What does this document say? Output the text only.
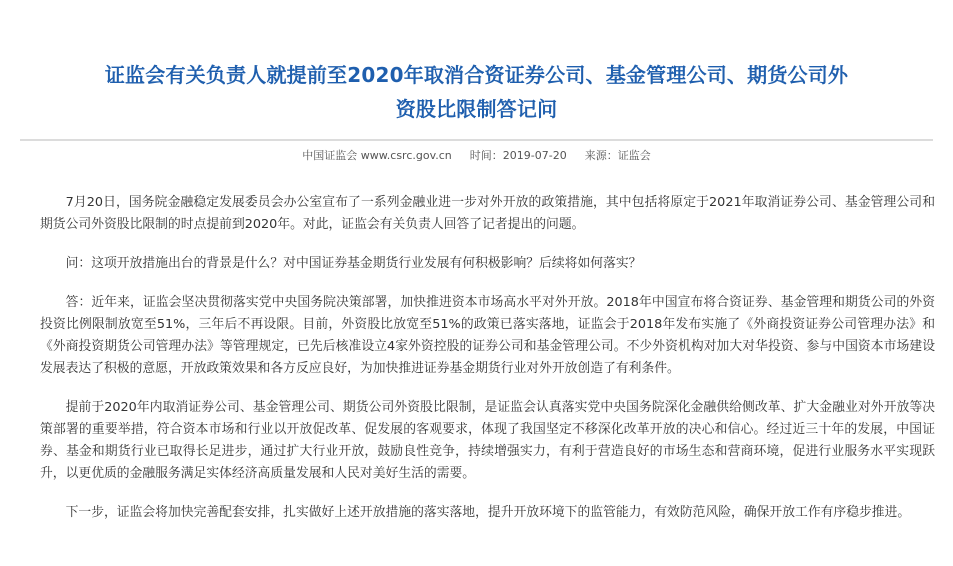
证监会有关负责人就提前至2020年取消合资证券公司、基金管理公司、期货公司外
资股比限制答记问
中国证监会 www.csrc.gov.cn 时间：2019-07-20 来源：证监会

7月20日，国务院金融稳定发展委员会办公室宣布了一系列金融业进一步对外开放的政策措施，其中包括将原定于2021年取消证券公司、基金管理公司和期货公司外资股比限制的时点提前到2020年。对此，证监会有关负责人回答了记者提出的问题。

问：这项开放措施出台的背景是什么？对中国证券基金期货行业发展有何积极影响？后续将如何落实？

答：近年来，证监会坚决贯彻落实党中央国务院决策部署，加快推进资本市场高水平对外开放。2018年中国宣布将合资证券、基金管理和期货公司的外资投资比例限制放宽至51%，三年后不再设限。目前，外资股比放宽至51%的政策已落实落地，证监会于2018年发布实施了《外商投资证券公司管理办法》和《外商投资期货公司管理办法》等管理规定，已先后核准设立4家外资控股的证券公司和基金管理公司。不少外资机构对加大对华投资、参与中国资本市场建设发展表达了积极的意愿，开放政策效果和各方反应良好，为加快推进证券基金期货行业对外开放创造了有利条件。

提前于2020年内取消证券公司、基金管理公司、期货公司外资股比限制，是证监会认真落实党中央国务院深化金融供给侧改革、扩大金融业对外开放等决策部署的重要举措，符合资本市场和行业以开放促改革、促发展的客观要求，体现了我国坚定不移深化改革开放的决心和信心。经过近三十年的发展，中国证券、基金和期货行业已取得长足进步，通过扩大行业开放，鼓励良性竞争，持续增强实力，有利于营造良好的市场生态和营商环境，促进行业服务水平实现跃升，以更优质的金融服务满足实体经济高质量发展和人民对美好生活的需要。

下一步，证监会将加快完善配套安排，扎实做好上述开放措施的落实落地，提升开放环境下的监管能力，有效防范风险，确保开放工作有序稳步推进。
